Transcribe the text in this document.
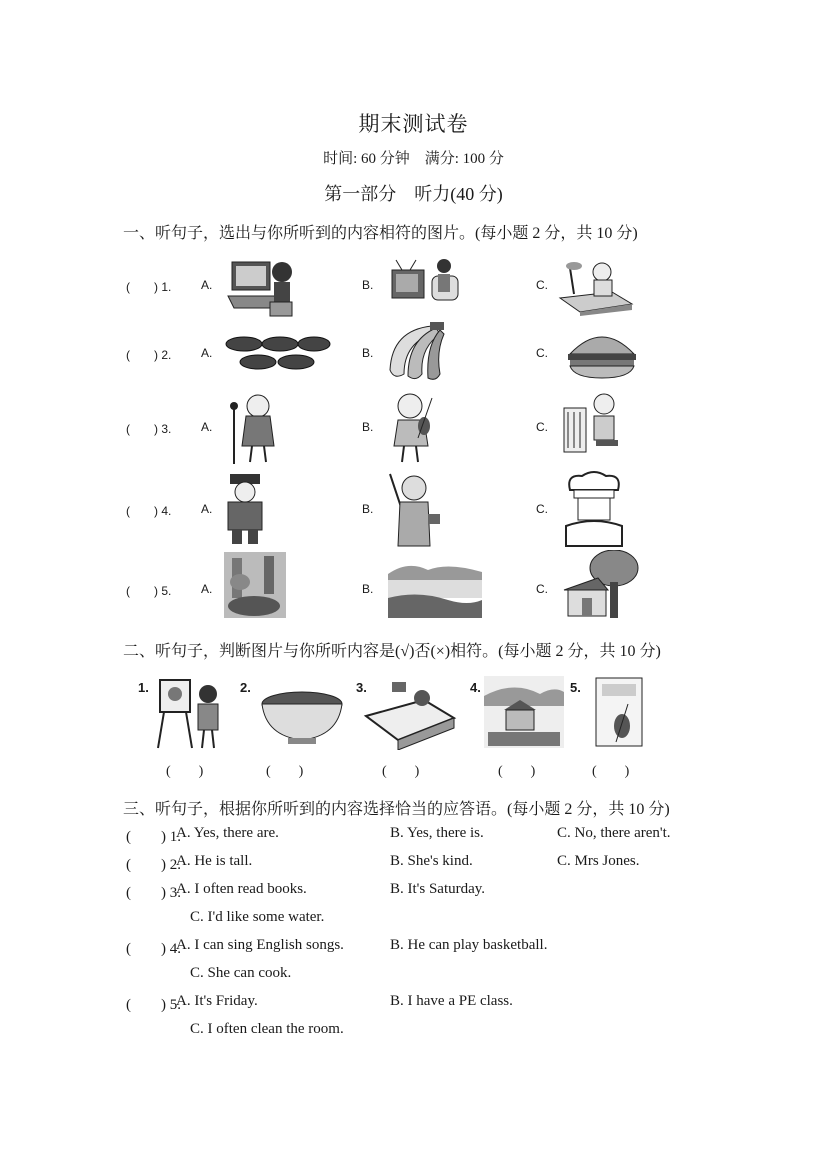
期末测试卷
时间: 60 分钟　满分: 100 分
第一部分　听力(40 分)
一、听句子，选出与你所听到的内容相符的图片。(每小题 2 分，共 10 分)
(　　) 1. A.	B.	C.
(　　) 2. A.	B.	C.
(　　) 3. A.	B.	C.
(　　) 4. A.	B.	C.
(　　) 5. A.	B.	C.
二、听句子，判断图片与你所听内容是(√)否(×)相符。(每小题 2 分，共 10 分)
1.
(　　)
2.
(　　)
3.
(　　)
4.
(　　)
5.
(　　)
三、听句子，根据你所听到的内容选择恰当的应答语。(每小题 2 分，共 10 分)
(　　) 1.
A. Yes, there are.	B. Yes, there is.	C. No, there aren't.
(　　) 2.
A. He is tall.	B. She's kind.	C. Mrs Jones.
(　　) 3.
A. I often read books.	B. It's Saturday.
C. I'd like some water.
(　　) 4.
A. I can sing English songs.	B. He can play basketball.
C. She can cook.
(　　) 5.
A. It's Friday.	B. I have a PE class.
C. I often clean the room.
